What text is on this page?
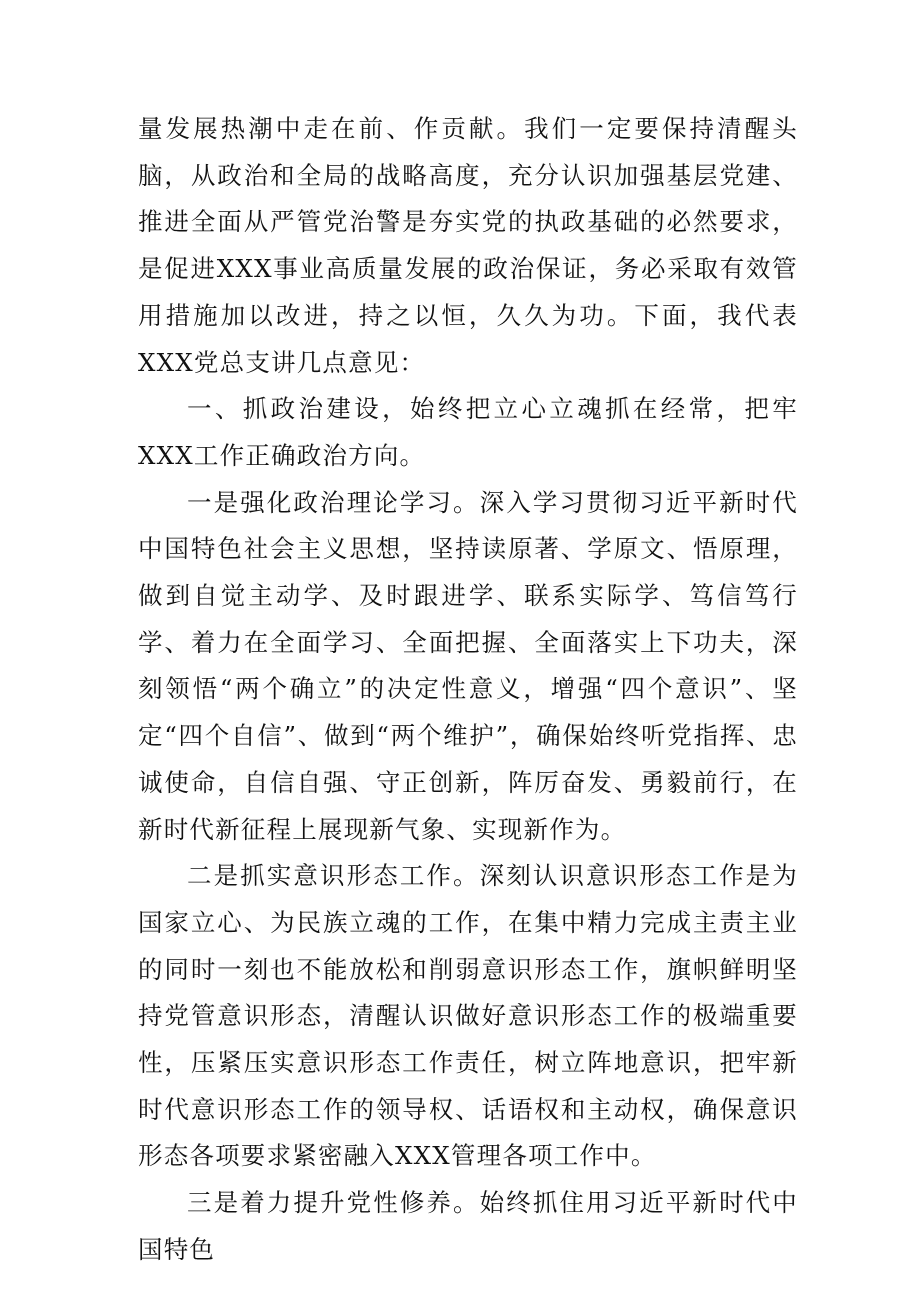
量发展热潮中走在前、作贡献。我们一定要保持清醒头脑，从政治和全局的战略高度，充分认识加强基层党建、推进全面从严管党治警是夯实党的执政基础的必然要求，是促进XXX事业高质量发展的政治保证，务必采取有效管用措施加以改进，持之以恒，久久为功。下面，我代表XXX党总支讲几点意见：

一、抓政治建设，始终把立心立魂抓在经常，把牢XXX工作正确政治方向。

一是强化政治理论学习。深入学习贯彻习近平新时代中国特色社会主义思想，坚持读原著、学原文、悟原理，做到自觉主动学、及时跟进学、联系实际学、笃信笃行学、着力在全面学习、全面把握、全面落实上下功夫，深刻领悟“两个确立”的决定性意义，增强“四个意识”、坚定“四个自信”、做到“两个维护”，确保始终听党指挥、忠诚使命，自信自强、守正创新，阵厉奋发、勇毅前行，在新时代新征程上展现新气象、实现新作为。

二是抓实意识形态工作。深刻认识意识形态工作是为国家立心、为民族立魂的工作，在集中精力完成主责主业的同时一刻也不能放松和削弱意识形态工作，旗帜鲜明坚持党管意识形态，清醒认识做好意识形态工作的极端重要性，压紧压实意识形态工作责任，树立阵地意识，把牢新时代意识形态工作的领导权、话语权和主动权，确保意识形态各项要求紧密融入XXX管理各项工作中。

三是着力提升党性修养。始终抓住用习近平新时代中国特色
